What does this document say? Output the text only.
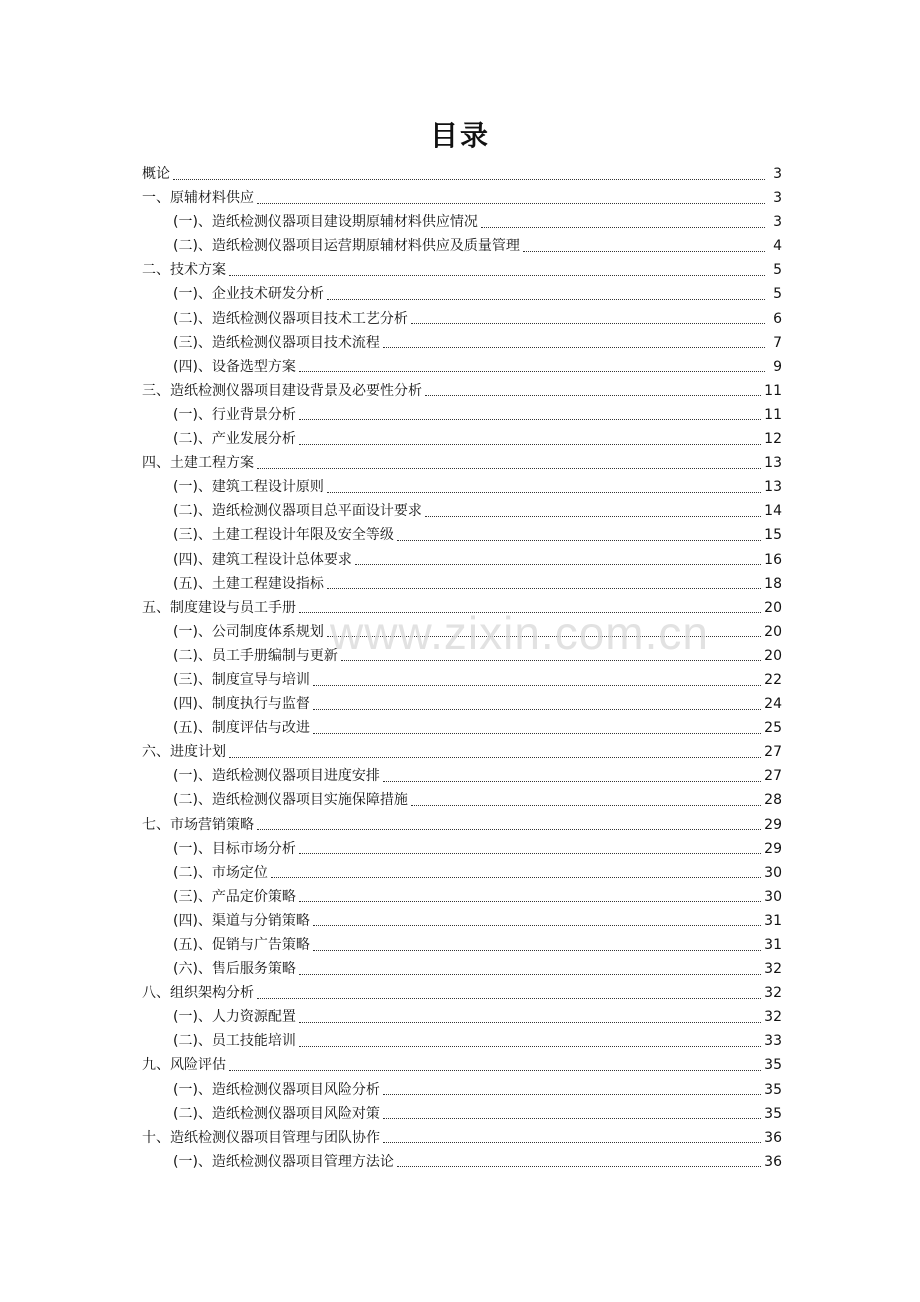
目录
概论	3
一、原辅材料供应	3
(一)、造纸检测仪器项目建设期原辅材料供应情况	3
(二)、造纸检测仪器项目运营期原辅材料供应及质量管理	4
二、技术方案	5
(一)、企业技术研发分析	5
(二)、造纸检测仪器项目技术工艺分析	6
(三)、造纸检测仪器项目技术流程	7
(四)、设备选型方案	9
三、造纸检测仪器项目建设背景及必要性分析	11
(一)、行业背景分析	11
(二)、产业发展分析	12
四、土建工程方案	13
(一)、建筑工程设计原则	13
(二)、造纸检测仪器项目总平面设计要求	14
(三)、土建工程设计年限及安全等级	15
(四)、建筑工程设计总体要求	16
(五)、土建工程建设指标	18
五、制度建设与员工手册	20
(一)、公司制度体系规划	20
(二)、员工手册编制与更新	20
(三)、制度宣导与培训	22
(四)、制度执行与监督	24
(五)、制度评估与改进	25
六、进度计划	27
(一)、造纸检测仪器项目进度安排	27
(二)、造纸检测仪器项目实施保障措施	28
七、市场营销策略	29
(一)、目标市场分析	29
(二)、市场定位	30
(三)、产品定价策略	30
(四)、渠道与分销策略	31
(五)、促销与广告策略	31
(六)、售后服务策略	32
八、组织架构分析	32
(一)、人力资源配置	32
(二)、员工技能培训	33
九、风险评估	35
(一)、造纸检测仪器项目风险分析	35
(二)、造纸检测仪器项目风险对策	35
十、造纸检测仪器项目管理与团队协作	36
(一)、造纸检测仪器项目管理方法论	36
www.zixin.com.cn
